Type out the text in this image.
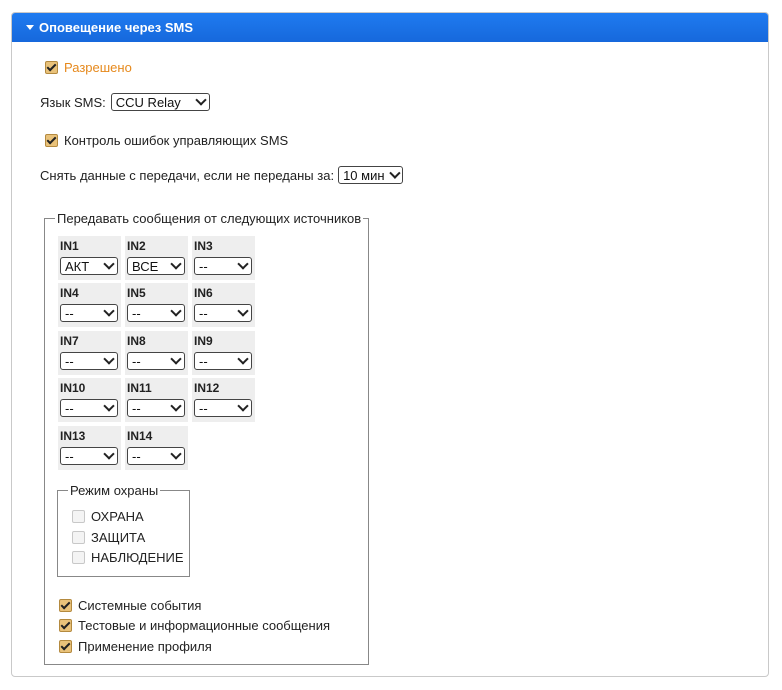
Оповещение через SMS
Разрешено
Язык SMS: CCU Relay
Контроль ошибок управляющих SMS
Снять данные с передачи, если не переданы за: 10 мин
Передавать сообщения от следующих источников
IN1
АКТ
IN2
ВСЕ
IN3
--
IN4
--
IN5
--
IN6
--
IN7
--
IN8
--
IN9
--
IN10
--
IN11
--
IN12
--
IN13
--
IN14
--
Режим охраны
ОХРАНА
ЗАЩИТА
НАБЛЮДЕНИЕ
Системные события
Тестовые и информационные сообщения
Применение профиля
